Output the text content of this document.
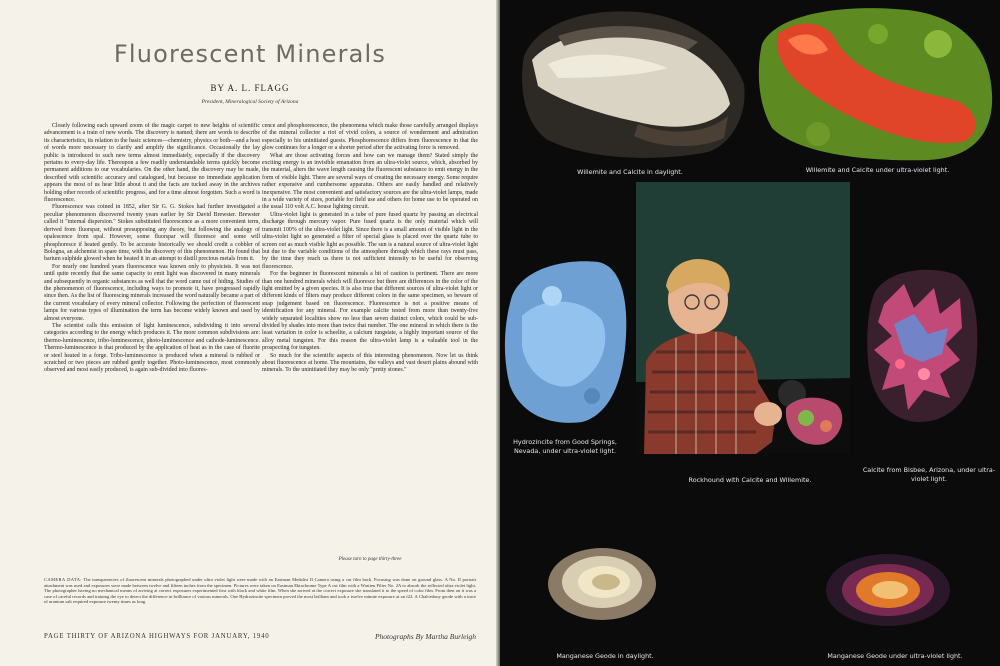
Fluorescent Minerals
BY A. L. FLAGG
President, Mineralogical Society of Arizona

Closely following each upward zoom of the magic carpet to new heights of scientific advancement is a train of new words. The discovery is named; there are words to describe its characteristics, its relation to the basic sciences—chemistry, physics or both—and a host of words more necessary to clarify and amplify the significance. Occasionally the lay public is introduced to such new terms almost immediately, especially if the discovery pertains to every-day life. Thereupon a few readily understandable terms quickly become permanent additions to our vocabularies. On the other hand, the discovery may be made, described with scientific accuracy and catalogued, but because no immediate application appears the most of us hear little about it and the facts are tucked away in the archives holding other records of scientific progress, and for a time almost forgotten. Such a word is fluorescence.

Fluorescence was coined in 1852, after Sir G. G. Stokes had further investigated a peculiar phenomenon discovered twenty years earlier by Sir David Brewster. Brewster called it "internal dispersion." Stokes substituted fluorescence as a more convenient term, derived from fluorspar, without presupposing any theory, but following the analogy of opalescence from opal. However, some fluorspar will fluoresce and some will phosphoresce if heated gently. To be accurate historically we should credit a cobbler of Bologna, an alchemist in spare time, with the discovery of this phenomenon. He found that barium sulphide glowed when he heated it in an attempt to distill precious metals from it.

For nearly one hundred years fluorescence was known only to physicists. It was not until quite recently that the same capacity to emit light was discovered in many minerals and subsequently in organic substances as well that the word came out of hiding. Studies of the phenomenon of fluorescence, including ways to promote it, have progressed rapidly since then. As the list of fluorescing minerals increased the word naturally became a part of the current vocabulary of every mineral collector. Following the perfection of fluorescent lamps for various types of illumination the term has become widely known and used by almost everyone.

The scientist calls this emission of light luminescence, subdividing it into several categories according to the energy which produces it. The more common subdivisions are: thermo-luminescence, tribo-luminescence, photo-luminescence and cathode-luminescence. Thermo-luminescence is that produced by the application of heat as in the case of fluorite or steel heated in a forge. Tribo-luminescence is produced when a mineral is rubbed or scratched or two pieces are rubbed gently together. Photo-luminescence, most commonly observed and most easily produced, is again sub-divided into fluores-

cence and phosphorescence, the phenomena which make those carefully arranged displays of the mineral collector a riot of vivid colors, a source of wonderment and admiration especially to his uninitiated guests. Phosphorescence differs from fluorescence in that the glow continues for a longer or a shorter period after the activating force is removed.

What are those activating forces and how can we manage them? Stated simply the exciting energy is an invisible emanation from an ultra-violet source, which, absorbed by the material, alters the wave length causing the fluorescent substance to emit energy in the form of visible light. There are several ways of creating the necessary energy. Some require rather expensive and cumbersome apparatus. Others are easily handled and relatively inexpensive. The most convenient and satisfactory sources are the ultra-violet lamps, made in a wide variety of sizes, portable for field use and others for home use to be operated on the usual 110 volt A.C. house lighting circuit.

Ultra-violet light is generated in a tube of pure fused quartz by passing an electrical discharge through mercury vapor. Pure fused quartz is the only material which will transmit 100% of the ultra-violet light. Since there is a small amount of visible light in the ultra-violet light so generated a filter of special glass is placed over the quartz tube to screen out as much visible light as possible. The sun is a natural source of ultra-violet light but due to the variable conditions of the atmosphere through which these rays must pass, by the time they reach us there is not sufficient intensity to be useful for observing fluorescence.

For the beginner in fluorescent minerals a bit of caution is pertinent. There are more than one hundred minerals which will fluoresce but there are differences in the color of the light emitted by a given species. It is also true that different sources of ultra-violet light or different kinds of filters may produce different colors in the same specimen, so beware of snap judgement based on fluorescence. Fluorescence is not a positive means of identification for any mineral. For example calcite tested from more than twenty-five widely separated localities show no less than seven distinct colors, which could be sub-divided by shades into more than twice that number. The one mineral in which there is the least variation in color is scheelite, a calcium tungstate, a highly important source of the alloy metal tungsten. For this reason the ultra-violet lamp is a valuable tool in the prospecting for tungsten.

So much for the scientific aspects of this interesting phenomenon. Now let us think about fluorescence at home. The mountains, the valleys and vast desert plains abound with minerals. To the uninitiated they may be only "pretty stones."

Please turn to page thirty-three
CAMERA DATA: The transparencies of fluorescent minerals photographed under ultra violet light were made with an Eastman Medalist II Camera using a cut film back. Focusing was done on ground glass. A No. II portrait attachment was used and exposures were made between twelve and fifteen inches from the specimen. Pictures were taken on Eastman Ektachrome Type A cut film with a Wratten Filter No. 2A to absorb the reflected ultra violet light. The photographer having no mechanical means of arriving at correct exposures experimented first with black and white film. When she arrived at the correct exposure she translated it to the speed of color film. From then on it was a case of careful records and training the eye to detect the difference in brilliance of various minerals. One Hydrozincite specimen proved the most brilliant and took a twelve minute exposure at an f22. A Chalcedony geode with a trace of uranium salt required exposure twenty times as long.
PAGE THIRTY OF ARIZONA HIGHWAYS FOR JANUARY, 1940	Photographs By Martha Burleigh
Willemite and Calcite in daylight.	Willemite and Calcite under ultra-violet light.
Hydrozincite from Good Springs, Nevada, under ultra-violet light.
Rockhound with Calcite and Willemite.
Calcite from Bisbee, Arizona, under ultra-violet light.
Manganese Geode in daylight.	Manganese Geode under ultra-violet light.
